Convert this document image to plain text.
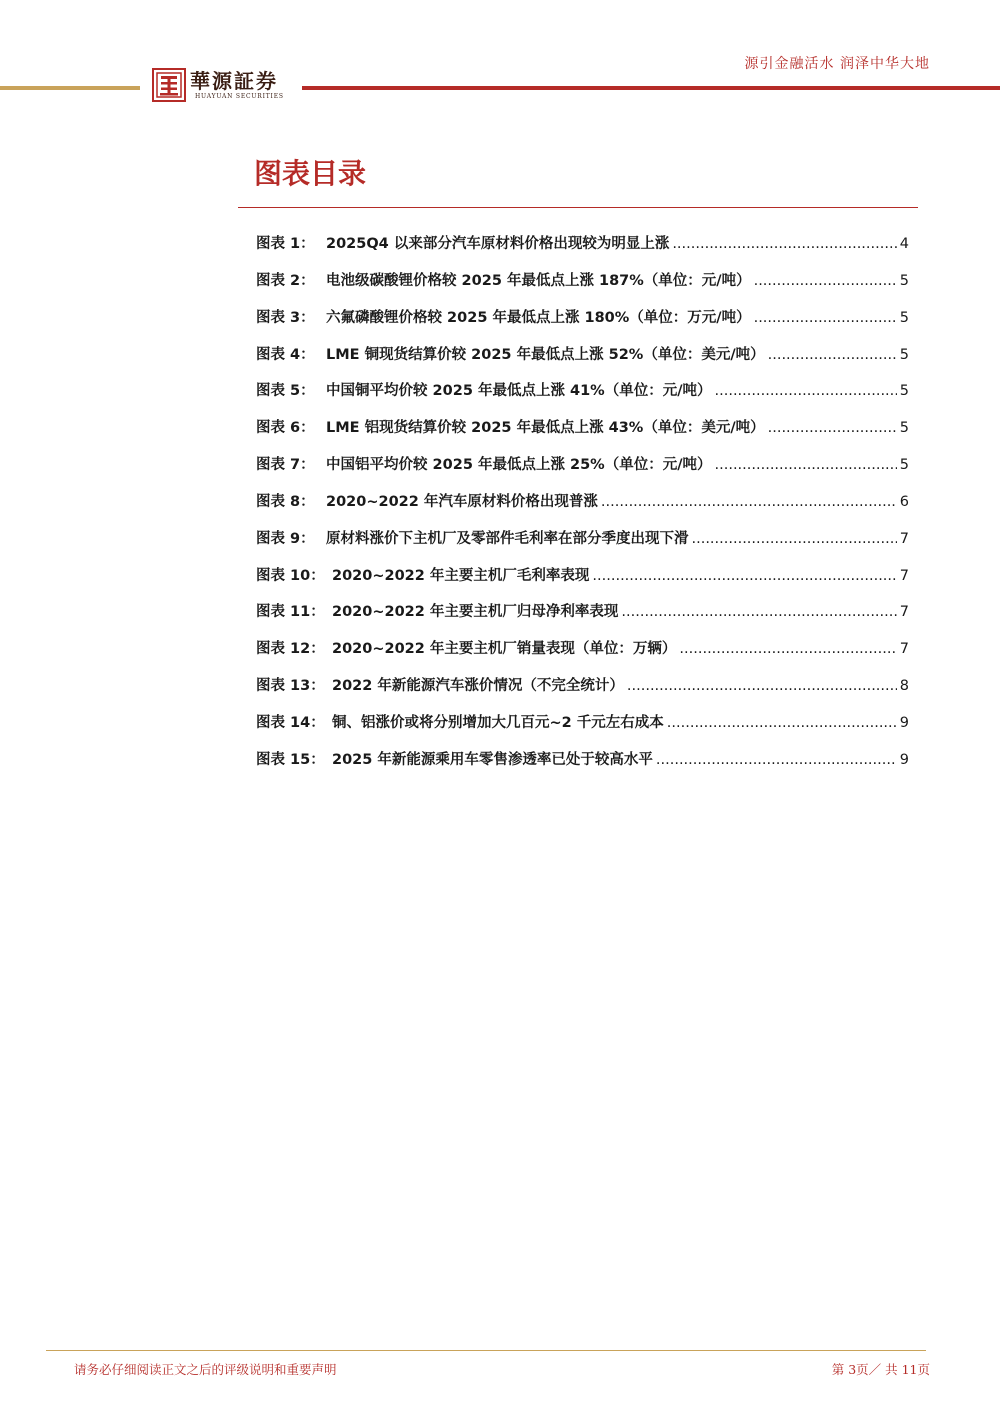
源引金融活水 润泽中华大地
華源証券
HUAYUAN SECURITIES
图表目录
图表 1： 2025Q4 以来部分汽车原材料价格出现较为明显上涨 .....	4
图表 2： 电池级碳酸锂价格较 2025 年最低点上涨 187%（单位：元/吨） .....	5
图表 3： 六氟磷酸锂价格较 2025 年最低点上涨 180%（单位：万元/吨） .....	5
图表 4： LME 铜现货结算价较 2025 年最低点上涨 52%（单位：美元/吨） .....	5
图表 5： 中国铜平均价较 2025 年最低点上涨 41%（单位：元/吨） .....	5
图表 6： LME 铝现货结算价较 2025 年最低点上涨 43%（单位：美元/吨） .....	5
图表 7： 中国铝平均价较 2025 年最低点上涨 25%（单位：元/吨） .....	5
图表 8： 2020~2022 年汽车原材料价格出现普涨 .....	6
图表 9： 原材料涨价下主机厂及零部件毛利率在部分季度出现下滑 .....	7
图表 10： 2020~2022 年主要主机厂毛利率表现 .....	7
图表 11： 2020~2022 年主要主机厂归母净利率表现 .....	7
图表 12： 2020~2022 年主要主机厂销量表现（单位：万辆） .....	7
图表 13： 2022 年新能源汽车涨价情况（不完全统计） .....	8
图表 14： 铜、铝涨价或将分别增加大几百元~2 千元左右成本 .....	9
图表 15： 2025 年新能源乘用车零售渗透率已处于较高水平 .....	9
请务必仔细阅读正文之后的评级说明和重要声明	第 3页／ 共 11页
